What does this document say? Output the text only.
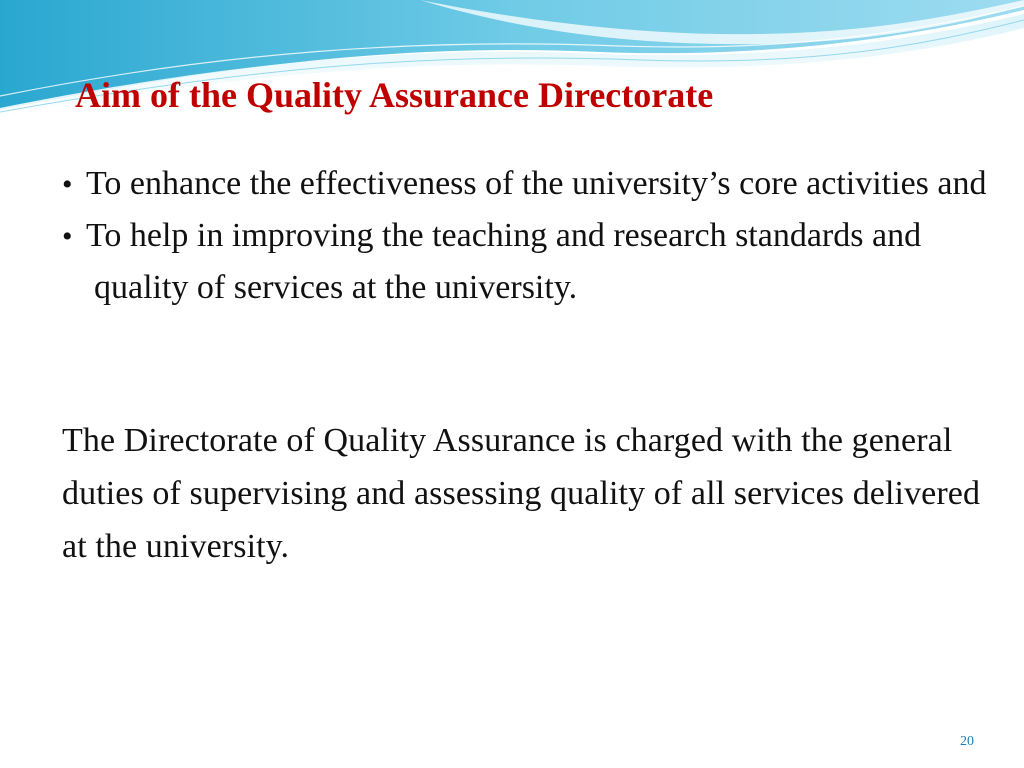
Aim of the Quality Assurance Directorate
• To enhance the effectiveness of the university’s core activities and
• To help in improving the teaching and research standards and quality of services at the university.

The Directorate of Quality Assurance is charged with the general duties of supervising and assessing quality of all services delivered at the university.

20
